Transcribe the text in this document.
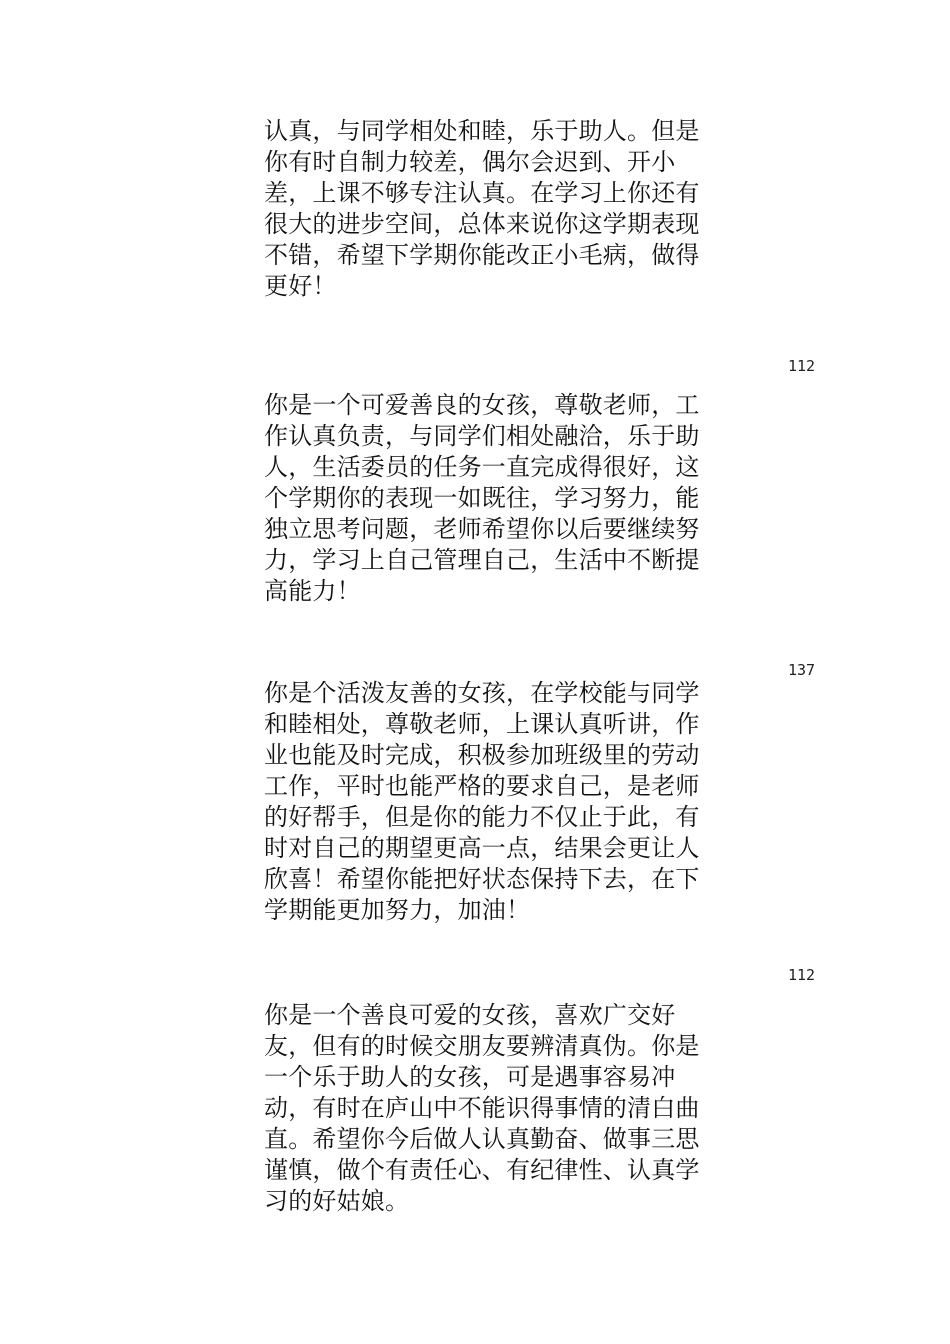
认真，与同学相处和睦，乐于助人。但是
你有时自制力较差，偶尔会迟到、开小
差，上课不够专注认真。在学习上你还有
很大的进步空间，总体来说你这学期表现
不错，希望下学期你能改正小毛病，做得
更好！
112
你是一个可爱善良的女孩，尊敬老师，工
作认真负责，与同学们相处融洽，乐于助
人，生活委员的任务一直完成得很好，这
个学期你的表现一如既往，学习努力，能
独立思考问题，老师希望你以后要继续努
力，学习上自己管理自己，生活中不断提
高能力！
137
你是个活泼友善的女孩，在学校能与同学
和睦相处，尊敬老师，上课认真听讲，作
业也能及时完成，积极参加班级里的劳动
工作，平时也能严格的要求自己，是老师
的好帮手，但是你的能力不仅止于此，有
时对自己的期望更高一点，结果会更让人
欣喜！希望你能把好状态保持下去，在下
学期能更加努力，加油！
112
你是一个善良可爱的女孩，喜欢广交好
友，但有的时候交朋友要辨清真伪。你是
一个乐于助人的女孩，可是遇事容易冲
动，有时在庐山中不能识得事情的清白曲
直。希望你今后做人认真勤奋、做事三思
谨慎，做个有责任心、有纪律性、认真学
习的好姑娘。
